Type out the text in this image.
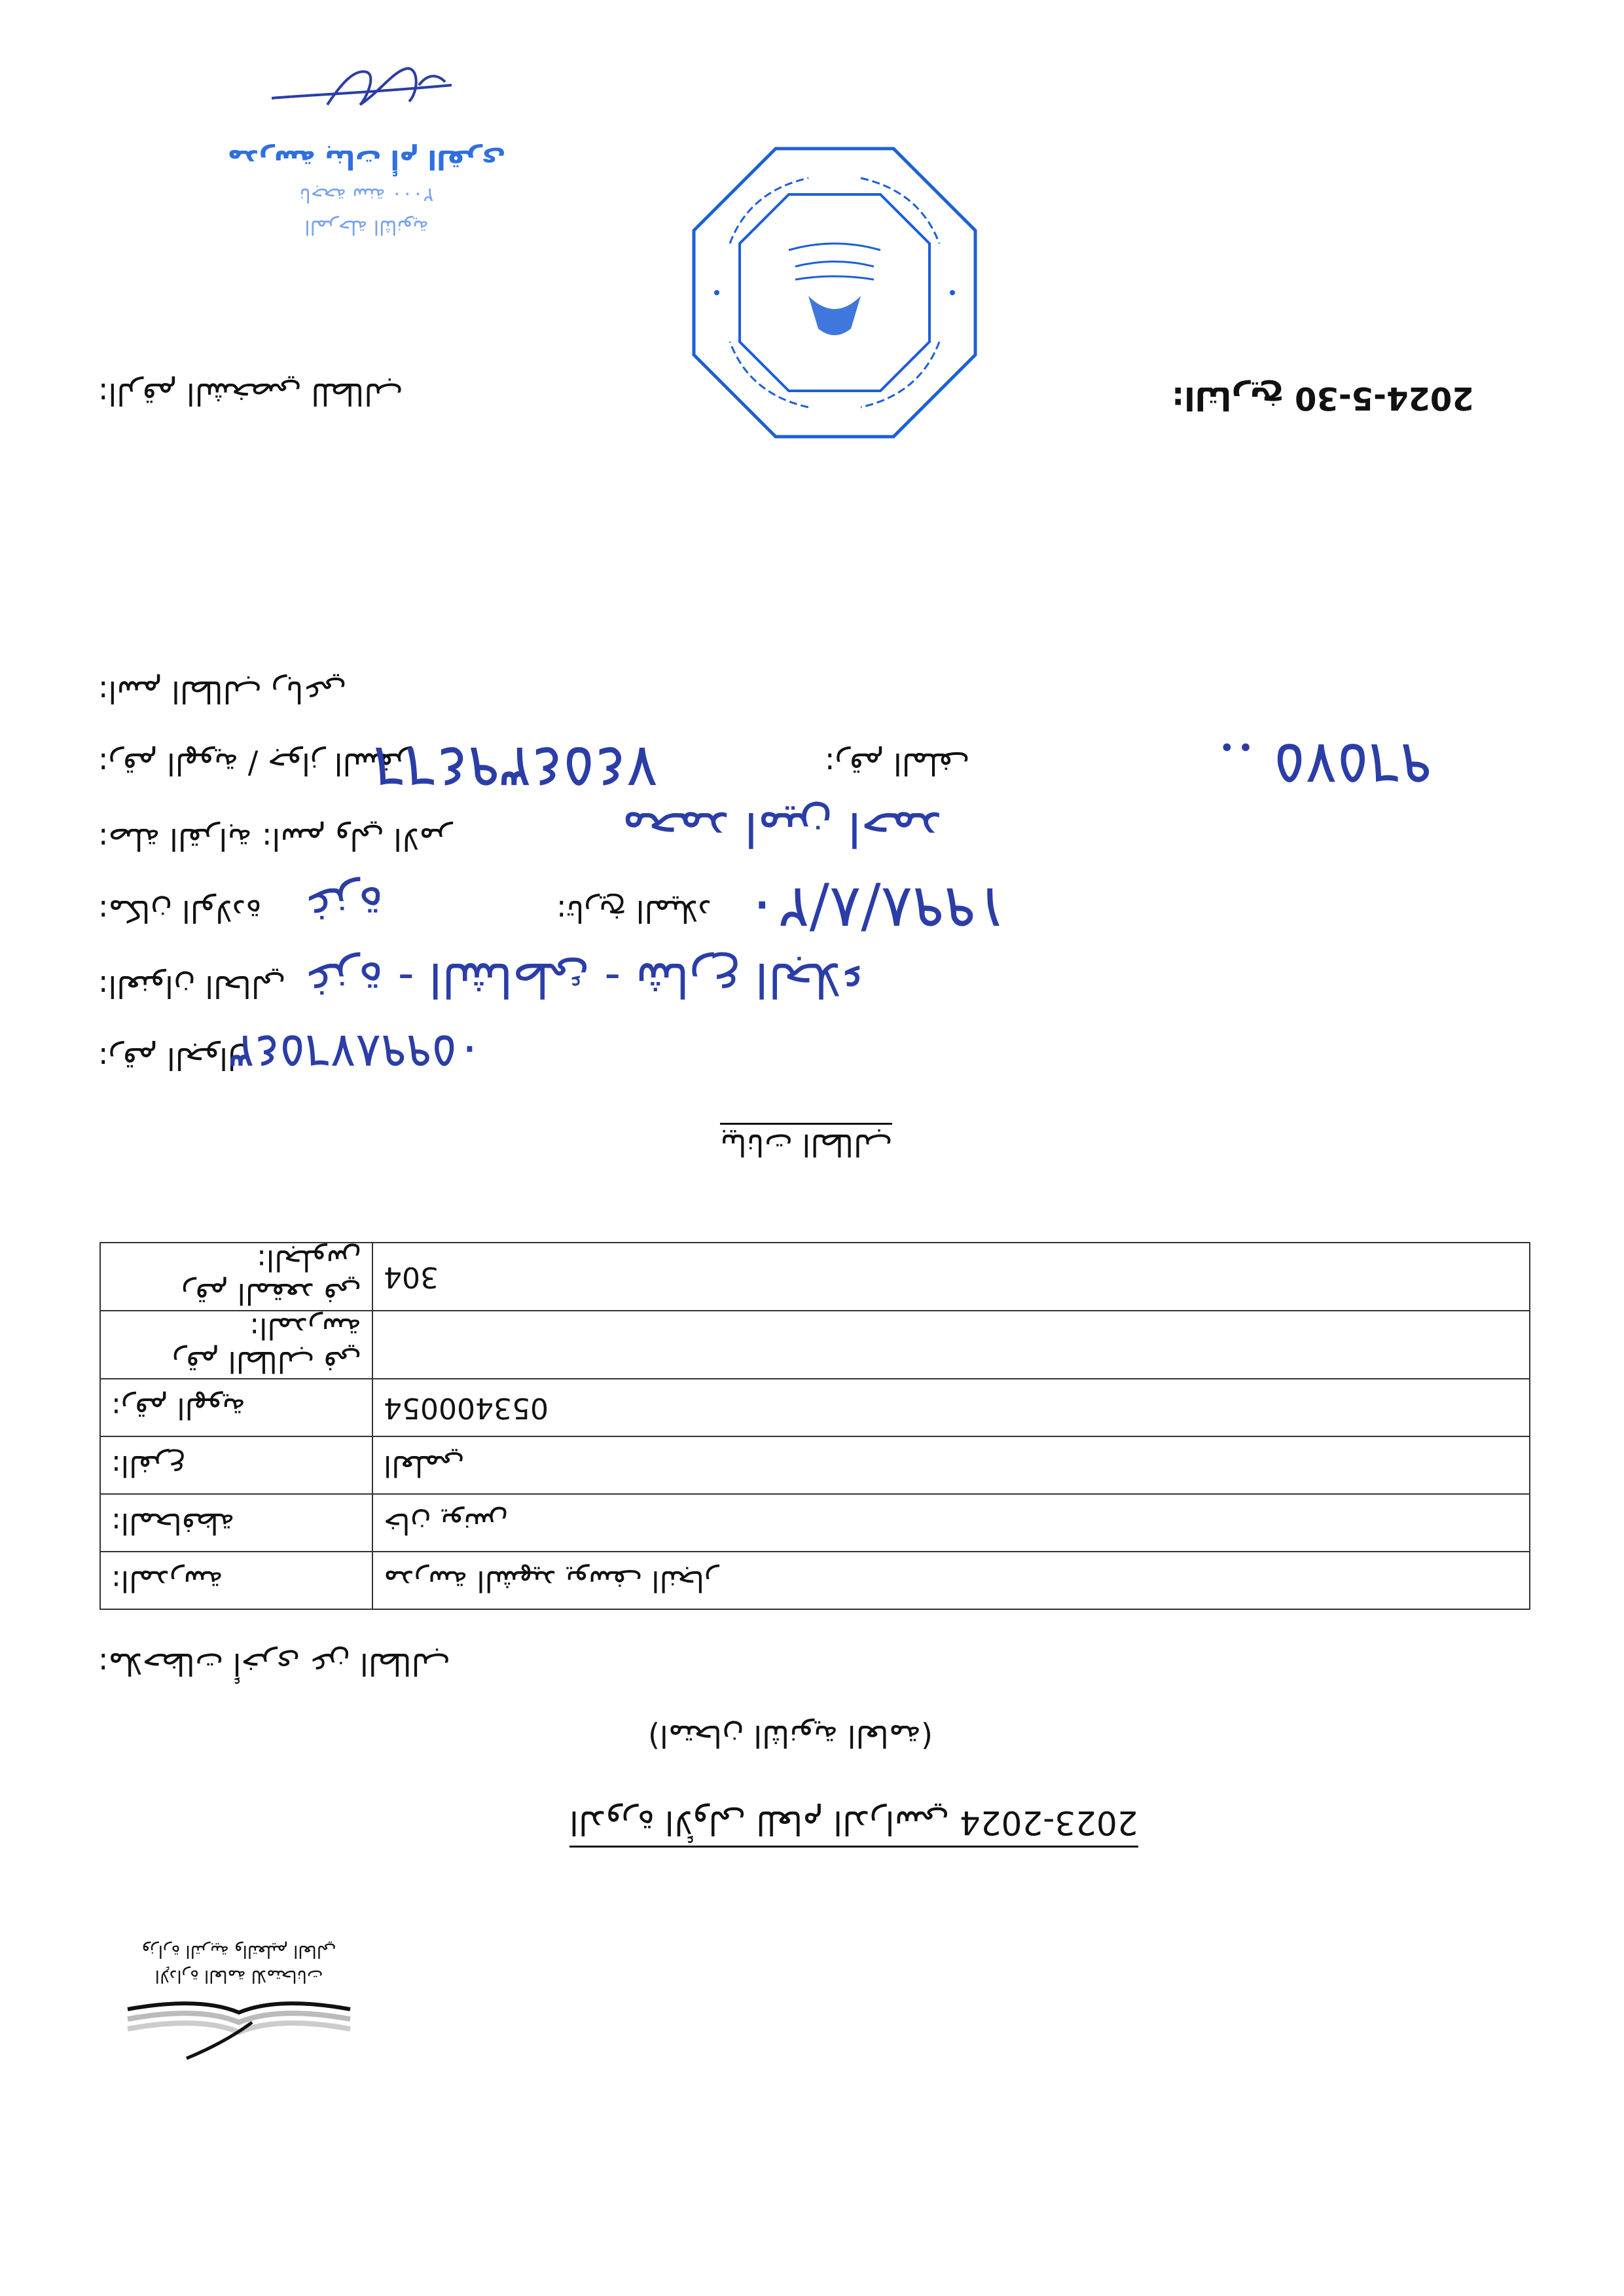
مدرسة بنات أم القرى
ناجحة سنة ٢٠٠٠
المرحلة الثانوية
الرقم الشخصي للطالب:	التاريخ:	2024-5-30
اسم الطالب رباعي:
رقم الهوية / جواز السفر:	٧٤٥٤٣٩٤٦٦	رقم الملف:	۹٦٥٧٥ ..
صلة القرابة:	اسم ولي الامر:	محمد امين احمد
مكان الولادة:	غزة	تاريخ الميلاد:	١٩٩٨/٨/٢٠
العنوان الحالي:	غزة - الشاطئ - شارع الجلاء
رقم الجوال:	٠٥٩٩٨٧٦٥٤٣
بيانات الطالب
رقم المقعد في الجلوس:	304
رقم الطالب في المدرسة:	
رقم الهوية:	053400054
الفرع:	العلمي
المحافظة:	خان يونس
المدرسة:	مدرسة الشهيد يوسف النجار
ملاحظات أخرى عن الطالب:
(امتحان الثانوية العامة)
الدورة الأولى للعام الدراسي 2024-2023
وزارة التربية والتعليم العالي
الإدارة العامة للامتحانات
